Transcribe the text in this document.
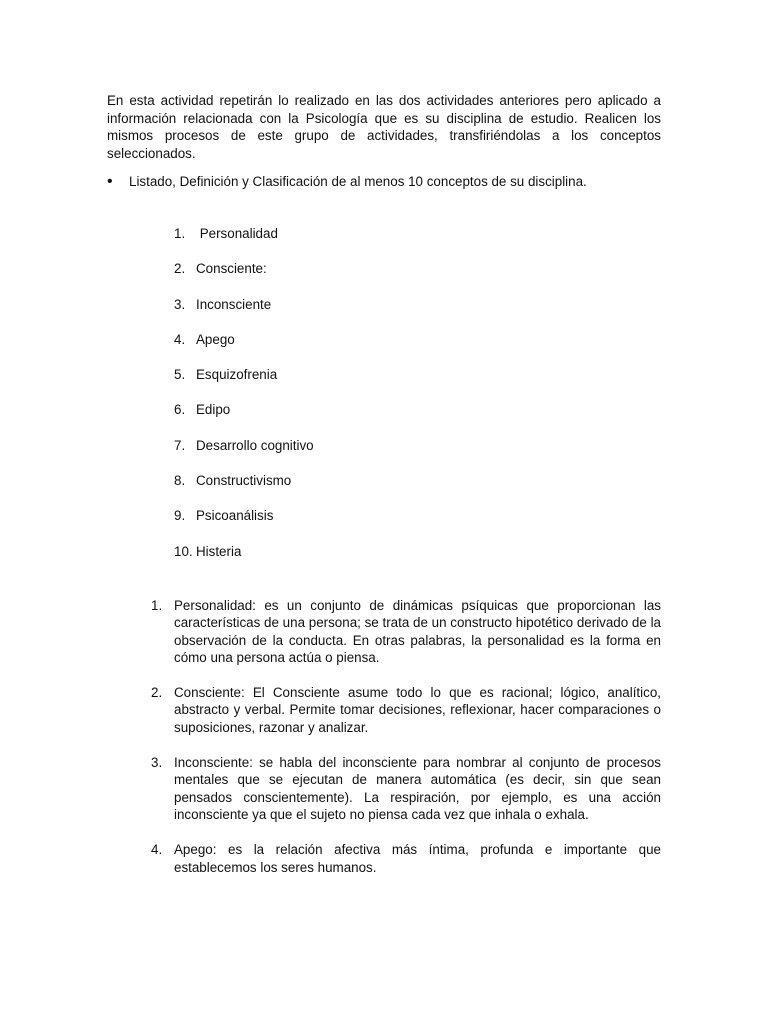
En esta actividad repetirán lo realizado en las dos actividades anteriores pero aplicado a información relacionada con la Psicología que es su disciplina de estudio. Realicen los mismos procesos de este grupo de actividades, transfiriéndolas a los conceptos seleccionados.

•	Listado, Definición y Clasificación de al menos 10 conceptos de su disciplina.
1. Personalidad
2. Consciente:
3. Inconsciente
4. Apego
5. Esquizofrenia
6. Edipo
7. Desarrollo cognitivo
8. Constructivismo
9. Psicoanálisis
10. Histeria
1. Personalidad: es un conjunto de dinámicas psíquicas que proporcionan las características de una persona; se trata de un constructo hipotético derivado de la observación de la conducta. En otras palabras, la personalidad es la forma en cómo una persona actúa o piensa.
2. Consciente: El Consciente asume todo lo que es racional; lógico, analítico, abstracto y verbal. Permite tomar decisiones, reflexionar, hacer comparaciones o suposiciones, razonar y analizar.
3. Inconsciente: se habla del inconsciente para nombrar al conjunto de procesos mentales que se ejecutan de manera automática (es decir, sin que sean pensados conscientemente). La respiración, por ejemplo, es una acción inconsciente ya que el sujeto no piensa cada vez que inhala o exhala.
4. Apego: es la relación afectiva más íntima, profunda e importante que establecemos los seres humanos.
